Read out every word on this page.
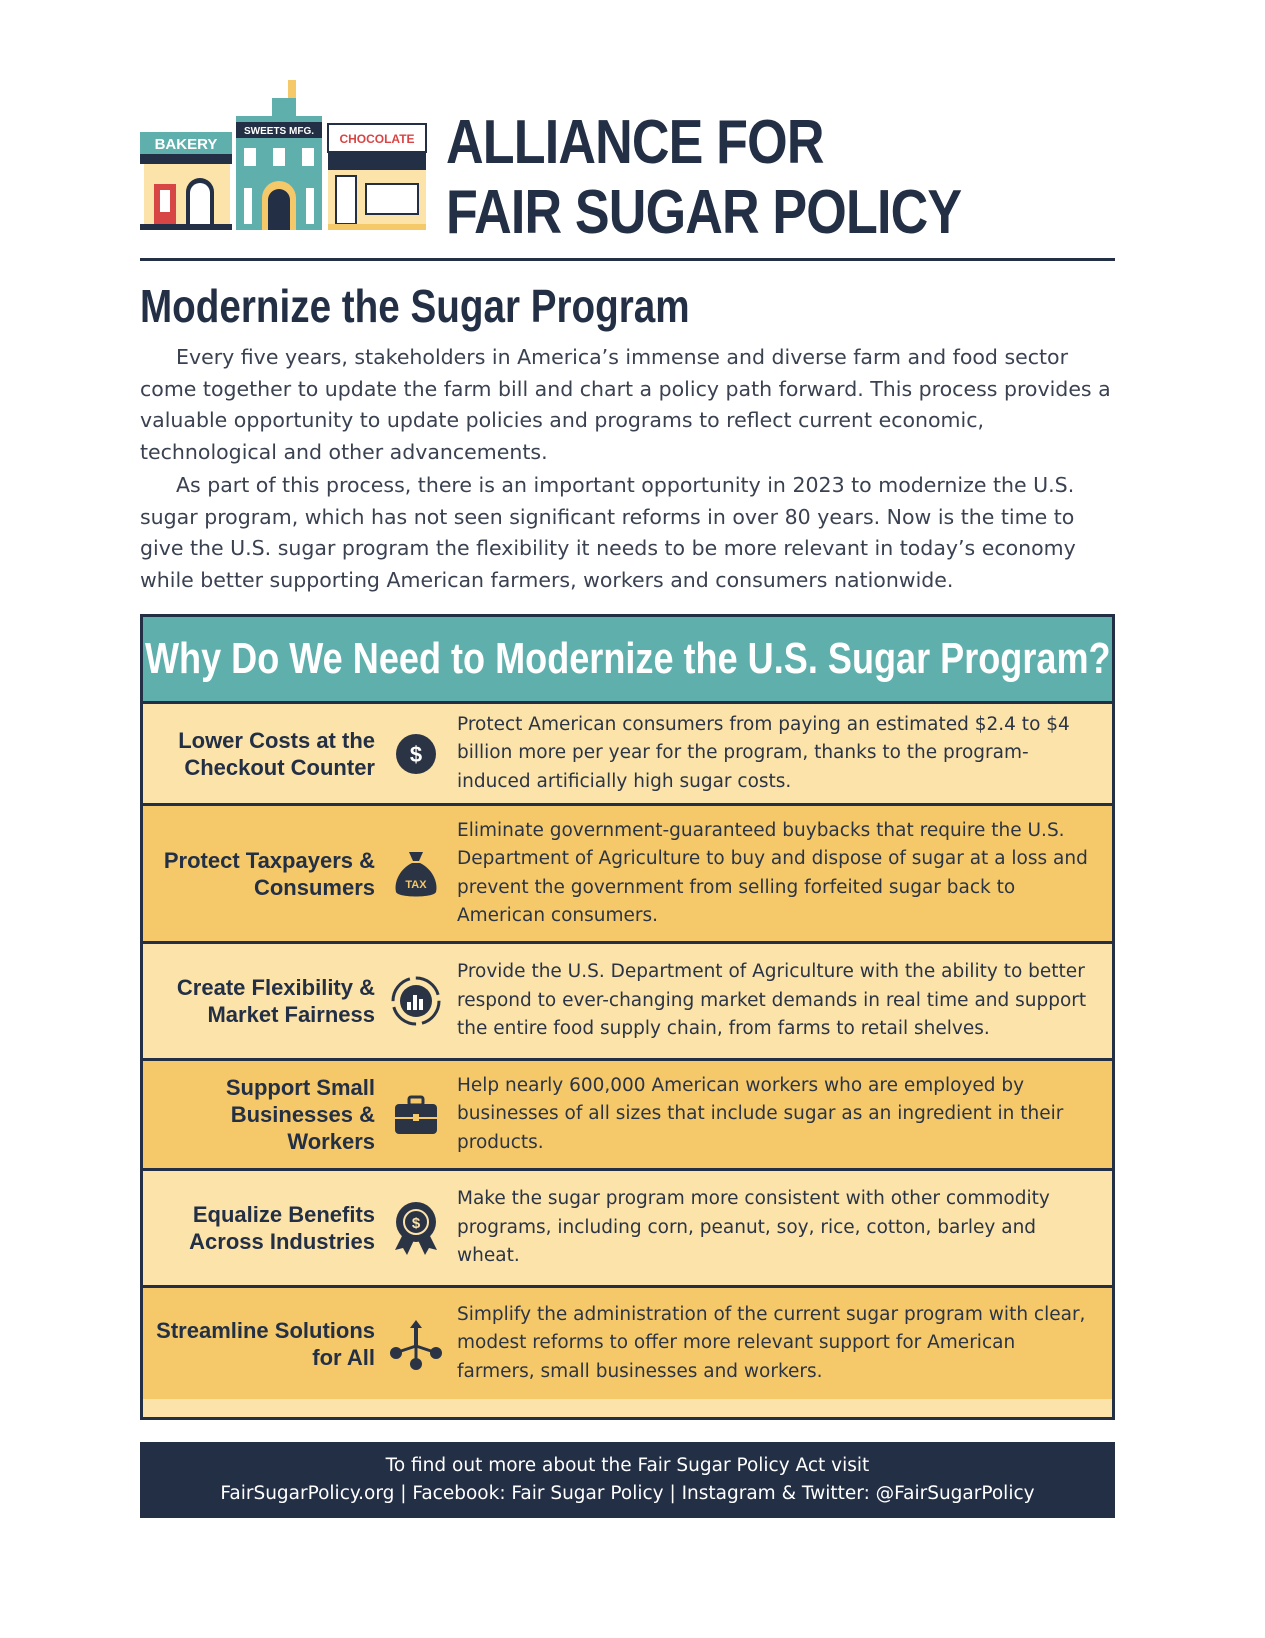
BAKERY
SWEETS MFG.
CHOCOLATE ALLIANCE FOR
FAIR SUGAR POLICY
Modernize the Sugar Program

Every five years, stakeholders in America’s immense and diverse farm and food sector come together to update the farm bill and chart a policy path forward. This process provides a valuable opportunity to update policies and programs to reflect current economic, technological and other advancements.

As part of this process, there is an important opportunity in 2023 to modernize the U.S. sugar program, which has not seen significant reforms in over 80 years. Now is the time to give the U.S. sugar program the flexibility it needs to be more relevant in today’s economy while better supporting American farmers, workers and consumers nationwide.

Why Do We Need to Modernize the U.S. Sugar Program?
Lower Costs at the Checkout Counter
$
Protect American consumers from paying an estimated $2.4 to $4 billion more per year for the program, thanks to the program-induced artificially high sugar costs.
Protect Taxpayers & Consumers	TAX
Eliminate government-guaranteed buybacks that require the U.S. Department of Agriculture to buy and dispose of sugar at a loss and prevent the government from selling forfeited sugar back to American consumers.
Create Flexibility & Market Fairness
Provide the U.S. Department of Agriculture with the ability to better respond to ever-changing market demands in real time and support the entire food supply chain, from farms to retail shelves.
Support Small Businesses & Workers
Help nearly 600,000 American workers who are employed by businesses of all sizes that include sugar as an ingredient in their products.
Equalize Benefits Across Industries
$
Make the sugar program more consistent with other commodity programs, including corn, peanut, soy, rice, cotton, barley and wheat.
Streamline Solutions for All
Simplify the administration of the current sugar program with clear, modest reforms to offer more relevant support for American farmers, small businesses and workers.
To find out more about the Fair Sugar Policy Act visit
FairSugarPolicy.org | Facebook: Fair Sugar Policy | Instagram & Twitter: @FairSugarPolicy
